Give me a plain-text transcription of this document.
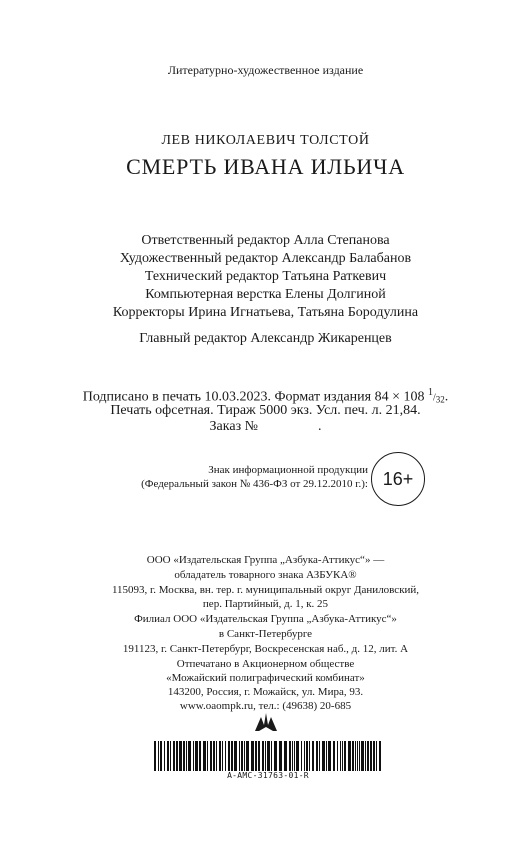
Литературно-художественное издание
ЛЕВ НИКОЛАЕВИЧ ТОЛСТОЙ
СМЕРТЬ ИВАНА ИЛЬИЧА
Ответственный редактор Алла Степанова
Художественный редактор Александр Балабанов
Технический редактор Татьяна Раткевич
Компьютерная верстка Елены Долгиной
Корректоры Ирина Игнатьева, Татьяна Бородулина
Главный редактор Александр Жикаренцев
Подписано в печать 10.03.2023. Формат издания 84 × 108 $^1/_{32}$.
Печать офсетная. Тираж 5000 экз. Усл. печ. л. 21,84.
Заказ №	.
Знак информационной продукции
(Федеральный закон № 436-ФЗ от 29.12.2010 г.): 16+
ООО «Издательская Группа „Азбука-Аттикус“» —
обладатель товарного знака АЗБУКА®
115093, г. Москва, вн. тер. г. муниципальный округ Даниловский,
пер. Партийный, д. 1, к. 25
Филиал ООО «Издательская Группа „Азбука-Аттикус“»
в Санкт-Петербурге
191123, г. Санкт-Петербург, Воскресенская наб., д. 12, лит. А
Отпечатано в Акционерном обществе
«Можайский полиграфический комбинат»
143200, Россия, г. Можайск, ул. Мира, 93.
www.oaompk.ru, тел.: (49638) 20-685
A-AMC-31763-01-R
